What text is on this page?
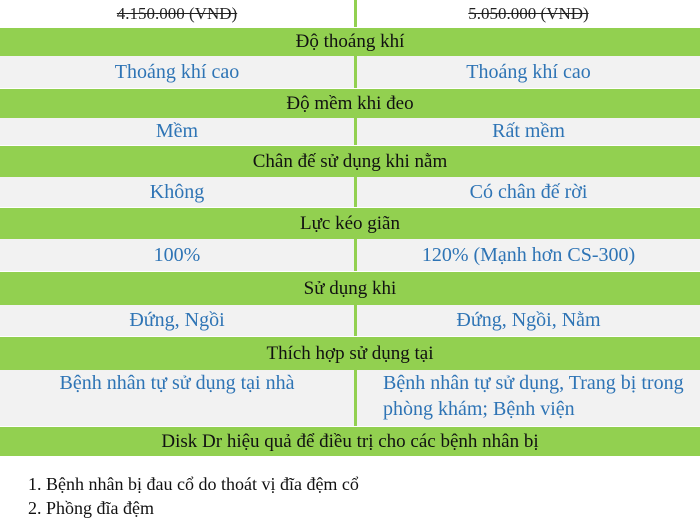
4.150.000 (VNĐ)	5.050.000 (VNĐ)
Độ thoáng khí
Thoáng khí cao	Thoáng khí cao
Độ mềm khi đeo
Mềm	Rất mềm
Chân đế sử dụng khi nằm
Không	Có chân đế rời
Lực kéo giãn
100%	120% (Mạnh hơn CS-300)
Sử dụng khi
Đứng, Ngồi	Đứng, Ngồi, Nằm
Thích hợp sử dụng tại
Bệnh nhân tự sử dụng tại nhà	Bệnh nhân tự sử dụng, Trang bị trong phòng khám; Bệnh viện
Disk Dr hiệu quả để điều trị cho các bệnh nhân bị
1. Bệnh nhân bị đau cổ do thoát vị đĩa đệm cổ
2. Phồng đĩa đệm
